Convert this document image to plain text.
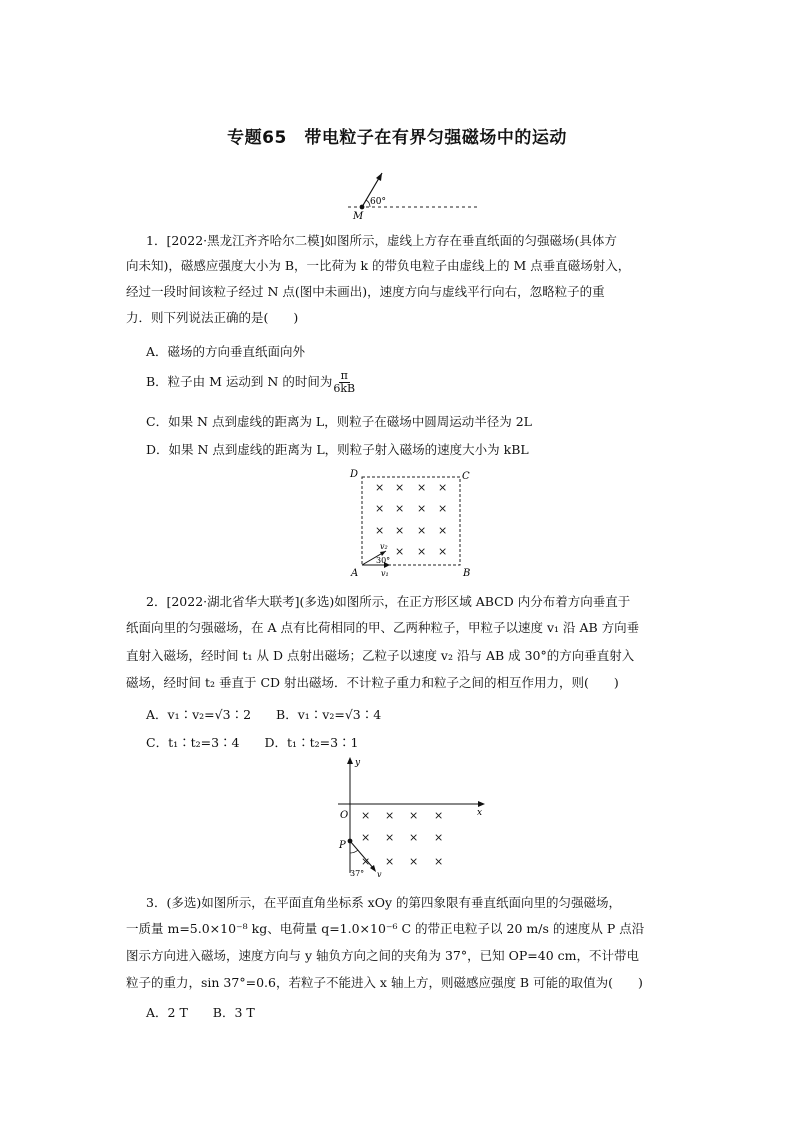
专题65　带电粒子在有界匀强磁场中的运动
60°
M
1．[2022·黑龙江齐齐哈尔二模]如图所示，虚线上方存在垂直纸面的匀强磁场(具体方
向未知)，磁感应强度大小为 B，一比荷为 k 的带负电粒子由虚线上的 M 点垂直磁场射入，
经过一段时间该粒子经过 N 点(图中未画出)，速度方向与虚线平行向右，忽略粒子的重
力．则下列说法正确的是(　　)
A．磁场的方向垂直纸面向外
B．粒子由 M 运动到 N 的时间为 $\frac{\pi}{6kB}$
C．如果 N 点到虚线的距离为 L，则粒子在磁场中圆周运动半径为 2L
D．如果 N 点到虚线的距离为 L，则粒子射入磁场的速度大小为 kBL
× × × ×
× × × ×
× × × ×
× × ×
30°
v₂
v₁
A	B
C
D
2．[2022·湖北省华大联考](多选)如图所示，在正方形区域 ABCD 内分布着方向垂直于
纸面向里的匀强磁场，在 A 点有比荷相同的甲、乙两种粒子，甲粒子以速度 v₁ 沿 AB 方向垂
直射入磁场，经时间 t₁ 从 D 点射出磁场；乙粒子以速度 v₂ 沿与 AB 成 30°的方向垂直射入
磁场，经时间 t₂ 垂直于 CD 射出磁场．不计粒子重力和粒子之间的相互作用力，则(　　)
A．v₁∶v₂=√3∶2　　B．v₁∶v₂=√3∶4
C．t₁∶t₂=3∶4　　D．t₁∶t₂=3∶1
y
x
O × × × ×
× × × ×
× × × ×
P
37° v
3．(多选)如图所示，在平面直角坐标系 xOy 的第四象限有垂直纸面向里的匀强磁场，
一质量 m=5.0×10⁻⁸ kg、电荷量 q=1.0×10⁻⁶ C 的带正电粒子以 20 m/s 的速度从 P 点沿
图示方向进入磁场，速度方向与 y 轴负方向之间的夹角为 37°，已知 OP=40 cm，不计带电
粒子的重力，sin 37°=0.6，若粒子不能进入 x 轴上方，则磁感应强度 B 可能的取值为(　　)
A．2 T　　B．3 T
